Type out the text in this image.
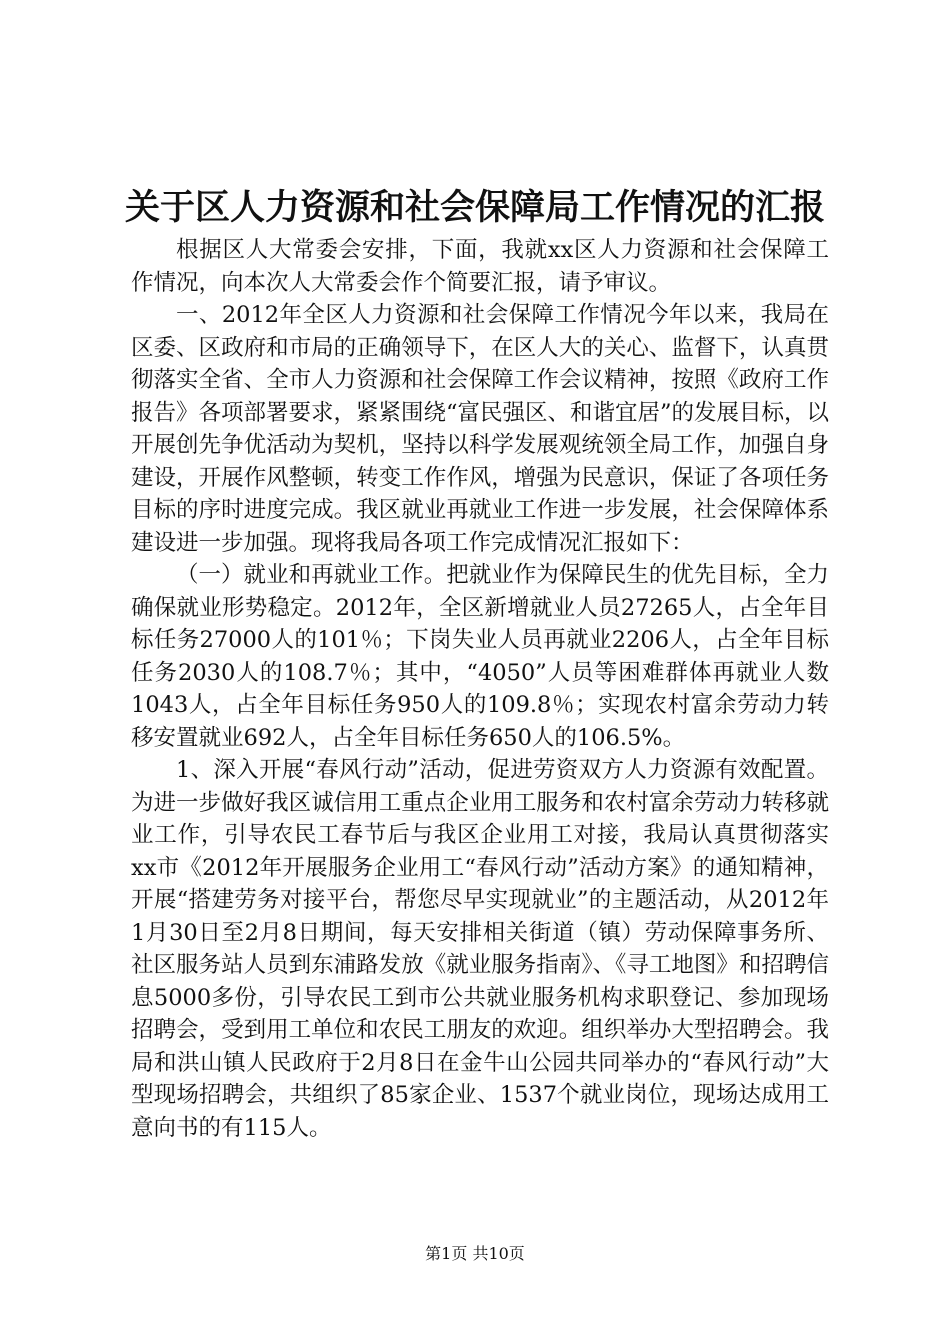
关于区人力资源和社会保障局工作情况的汇报

根据区人大常委会安排，下面，我就xx区人力资源和社会保障工作情况，向本次人大常委会作个简要汇报，请予审议。

一、2012年全区人力资源和社会保障工作情况今年以来，我局在区委、区政府和市局的正确领导下，在区人大的关心、监督下，认真贯彻落实全省、全市人力资源和社会保障工作会议精神，按照《政府工作报告》各项部署要求，紧紧围绕“富民强区、和谐宜居”的发展目标，以开展创先争优活动为契机，坚持以科学发展观统领全局工作，加强自身建设，开展作风整顿，转变工作作风，增强为民意识，保证了各项任务目标的序时进度完成。我区就业再就业工作进一步发展，社会保障体系建设进一步加强。现将我局各项工作完成情况汇报如下：

（一）就业和再就业工作。把就业作为保障民生的优先目标，全力确保就业形势稳定。2012年，全区新增就业人员27265人，占全年目标任务27000人的101％；下岗失业人员再就业2206人，占全年目标任务2030人的108.7％；其中，“4050”人员等困难群体再就业人数1043人，占全年目标任务950人的109.8％；实现农村富余劳动力转移安置就业692人，占全年目标任务650人的106.5%。

1、深入开展“春风行动”活动，促进劳资双方人力资源有效配置。为进一步做好我区诚信用工重点企业用工服务和农村富余劳动力转移就业工作，引导农民工春节后与我区企业用工对接，我局认真贯彻落实xx市《2012年开展服务企业用工“春风行动”活动方案》的通知精神，开展“搭建劳务对接平台，帮您尽早实现就业”的主题活动，从2012年1月30日至2月8日期间，每天安排相关街道（镇）劳动保障事务所、社区服务站人员到东浦路发放《就业服务指南》、《寻工地图》和招聘信息5000多份，引导农民工到市公共就业服务机构求职登记、参加现场招聘会，受到用工单位和农民工朋友的欢迎。组织举办大型招聘会。我局和洪山镇人民政府于2月8日在金牛山公园共同举办的“春风行动”大型现场招聘会，共组织了85家企业、1537个就业岗位，现场达成用工意向书的有115人。

第1页 共10页
